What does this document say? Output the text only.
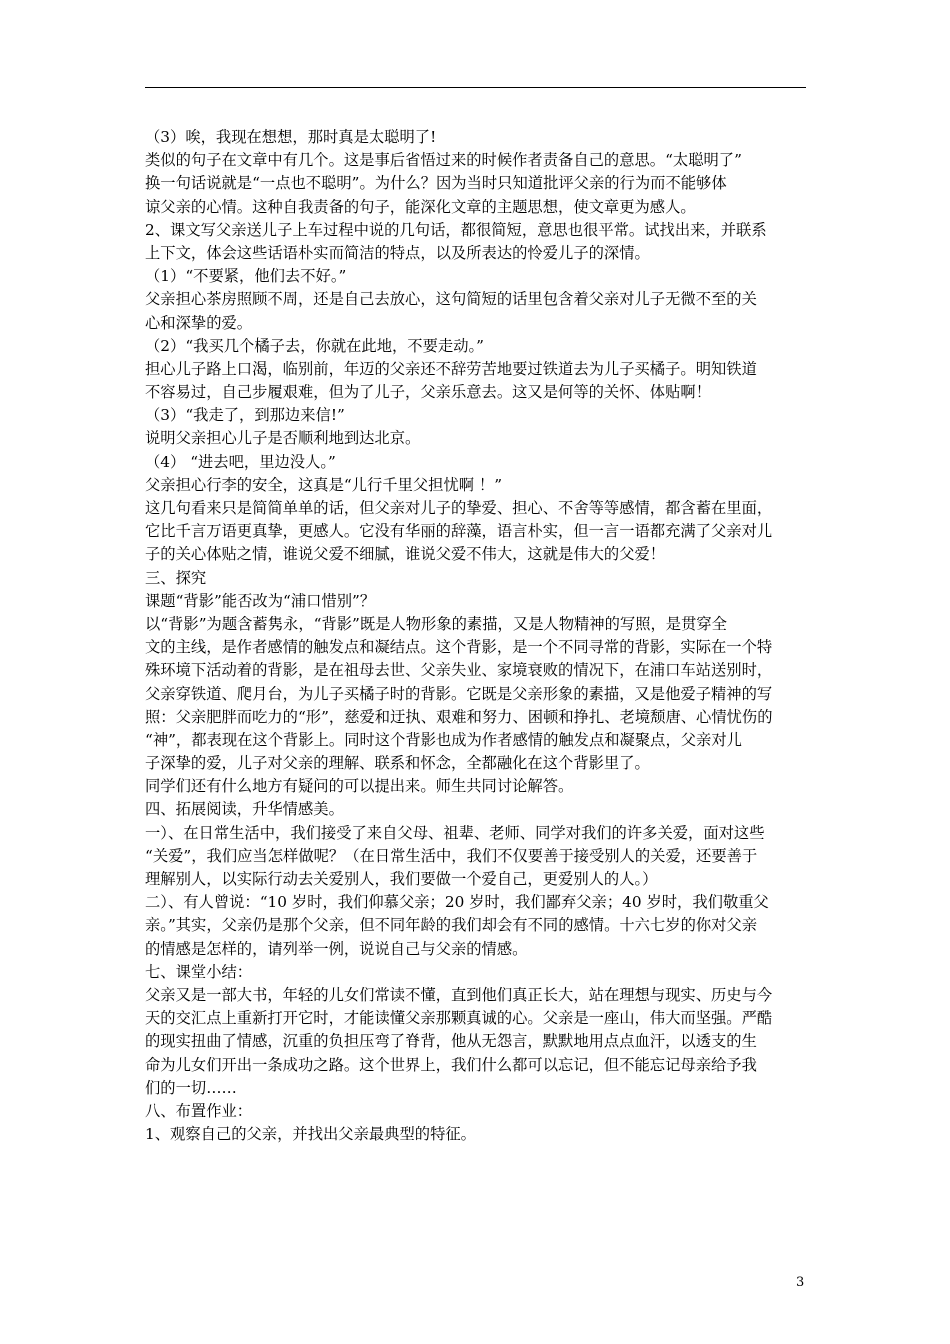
（3）唉，我现在想想，那时真是太聪明了!
类似的句子在文章中有几个。这是事后省悟过来的时候作者责备自己的意思。“太聪明了”
换一句话说就是“一点也不聪明”。为什么？因为当时只知道批评父亲的行为而不能够体
谅父亲的心情。这种自我责备的句子，能深化文章的主题思想，使文章更为感人。
2、课文写父亲送儿子上车过程中说的几句话，都很简短，意思也很平常。试找出来，并联系
上下文，体会这些话语朴实而简洁的特点，以及所表达的怜爱儿子的深情。
（1）“不要紧，他们去不好。”
父亲担心茶房照顾不周，还是自己去放心，这句简短的话里包含着父亲对儿子无微不至的关
心和深挚的爱。
（2）“我买几个橘子去，你就在此地，不要走动。”
担心儿子路上口渴，临别前，年迈的父亲还不辞劳苦地要过铁道去为儿子买橘子。明知铁道
不容易过，自己步履艰难，但为了儿子，父亲乐意去。这又是何等的关怀、体贴啊！
（3）“我走了，到那边来信!”
说明父亲担心儿子是否顺利地到达北京。
（4） “进去吧，里边没人。”
父亲担心行李的安全，这真是“儿行千里父担忧啊 ！”
这几句看来只是简简单单的话，但父亲对儿子的挚爱、担心、不舍等等感情，都含蓄在里面，
它比千言万语更真挚，更感人。它没有华丽的辞藻，语言朴实，但一言一语都充满了父亲对儿
子的关心体贴之情，谁说父爱不细腻，谁说父爱不伟大，这就是伟大的父爱！
三、探究
课题“背影”能否改为“浦口惜别”？
以“背影”为题含蓄隽永，“背影”既是人物形象的素描，又是人物精神的写照，是贯穿全
文的主线，是作者感情的触发点和凝结点。这个背影，是一个不同寻常的背影，实际在一个特
殊环境下活动着的背影，是在祖母去世、父亲失业、家境衰败的情况下，在浦口车站送别时，
父亲穿铁道、爬月台，为儿子买橘子时的背影。它既是父亲形象的素描，又是他爱子精神的写
照：父亲肥胖而吃力的“形”，慈爱和迂执、艰难和努力、困顿和挣扎、老境颓唐、心情忧伤的
“神”，都表现在这个背影上。同时这个背影也成为作者感情的触发点和凝聚点，父亲对儿
子深挚的爱，儿子对父亲的理解、联系和怀念，全都融化在这个背影里了。
同学们还有什么地方有疑问的可以提出来。师生共同讨论解答。
四、拓展阅读，升华情感美。
一）、在日常生活中，我们接受了来自父母、祖辈、老师、同学对我们的许多关爱，面对这些
“关爱”，我们应当怎样做呢？（在日常生活中，我们不仅要善于接受别人的关爱，还要善于
理解别人，以实际行动去关爱别人，我们要做一个爱自己，更爱别人的人。）
二）、有人曾说：“10 岁时，我们仰慕父亲；20 岁时，我们鄙弃父亲；40 岁时，我们敬重父
亲。”其实，父亲仍是那个父亲，但不同年龄的我们却会有不同的感情。十六七岁的你对父亲
的情感是怎样的，请列举一例，说说自己与父亲的情感。
七、课堂小结：
父亲又是一部大书，年轻的儿女们常读不懂，直到他们真正长大，站在理想与现实、历史与今
天的交汇点上重新打开它时，才能读懂父亲那颗真诚的心。父亲是一座山，伟大而坚强。严酷
的现实扭曲了情感，沉重的负担压弯了脊背，他从无怨言，默默地用点点血汗，以透支的生
命为儿女们开出一条成功之路。这个世界上，我们什么都可以忘记，但不能忘记母亲给予我
们的一切……
八、布置作业：
1、观察自己的父亲，并找出父亲最典型的特征。
3
